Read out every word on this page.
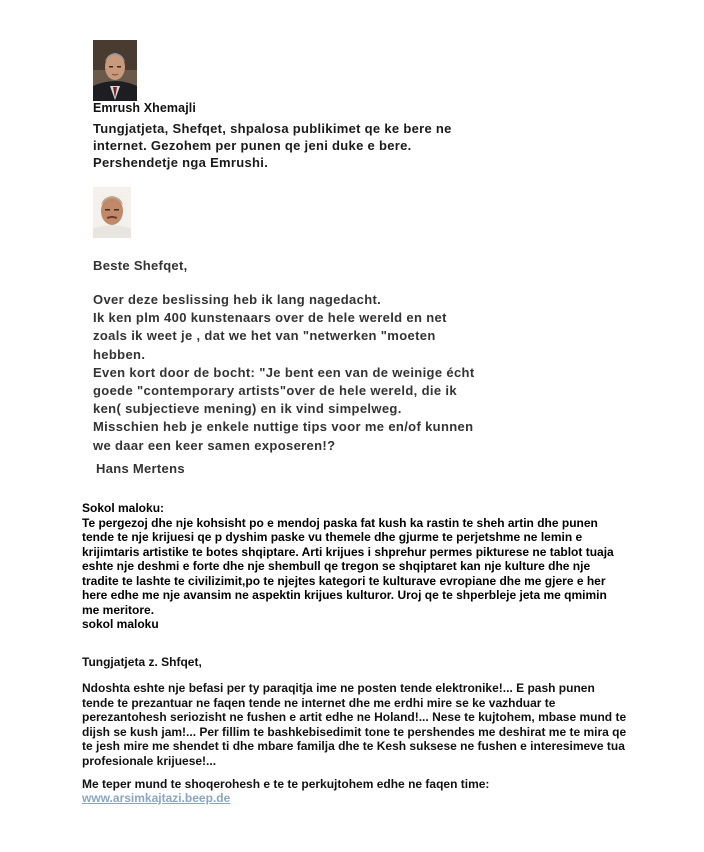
Emrush Xhemajli
Tungjatjeta, Shefqet, shpalosa publikimet qe ke bere ne
internet. Gezohem per punen qe jeni duke e bere.
Pershendetje nga Emrushi.
Beste Shefqet,
Over deze beslissing heb ik lang nagedacht.
Ik ken plm 400 kunstenaars over de hele wereld en net
zoals ik weet je , dat we het van "netwerken "moeten
hebben.
Even kort door de bocht: "Je bent een van de weinige écht
goede "contemporary artists"over de hele wereld, die ik
ken( subjectieve mening) en ik vind simpelweg.
Misschien heb je enkele nuttige tips voor me en/of kunnen
we daar een keer samen exposeren!?
Hans Mertens
Sokol maloku:
Te pergezoj dhe nje kohsisht po e mendoj paska fat kush ka rastin te sheh artin dhe punen
tende te nje krijuesi qe p dyshim paske vu themele dhe gjurme te perjetshme ne lemin e
krijimtaris artistike te botes shqiptare. Arti krijues i shprehur permes pikturese ne tablot tuaja
eshte nje deshmi e forte dhe nje shembull qe tregon se shqiptaret kan nje kulture dhe nje
tradite te lashte te civilizimit,po te njejtes kategori te kulturave evropiane dhe me gjere e her
here edhe me nje avansim ne aspektin krijues kulturor. Uroj qe te shperbleje jeta me qmimin
me meritore.
sokol maloku
Tungjatjeta z. Shfqet,
Ndoshta eshte nje befasi per ty paraqitja ime ne posten tende elektronike!... E pash punen
tende te prezantuar ne faqen tende ne internet dhe me erdhi mire se ke vazhduar te
perezantohesh seriozisht ne fushen e artit edhe ne Holand!... Nese te kujtohem, mbase mund te
dijsh se kush jam!... Per fillim te bashkebisedimit tone te pershendes me deshirat me te mira qe
te jesh mire me shendet ti dhe mbare familja dhe te Kesh suksese ne fushen e interesimeve tua
profesionale krijuese!...
Me teper mund te shoqerohesh e te te perkujtohem edhe ne faqen time:
www.arsimkajtazi.beep.de
